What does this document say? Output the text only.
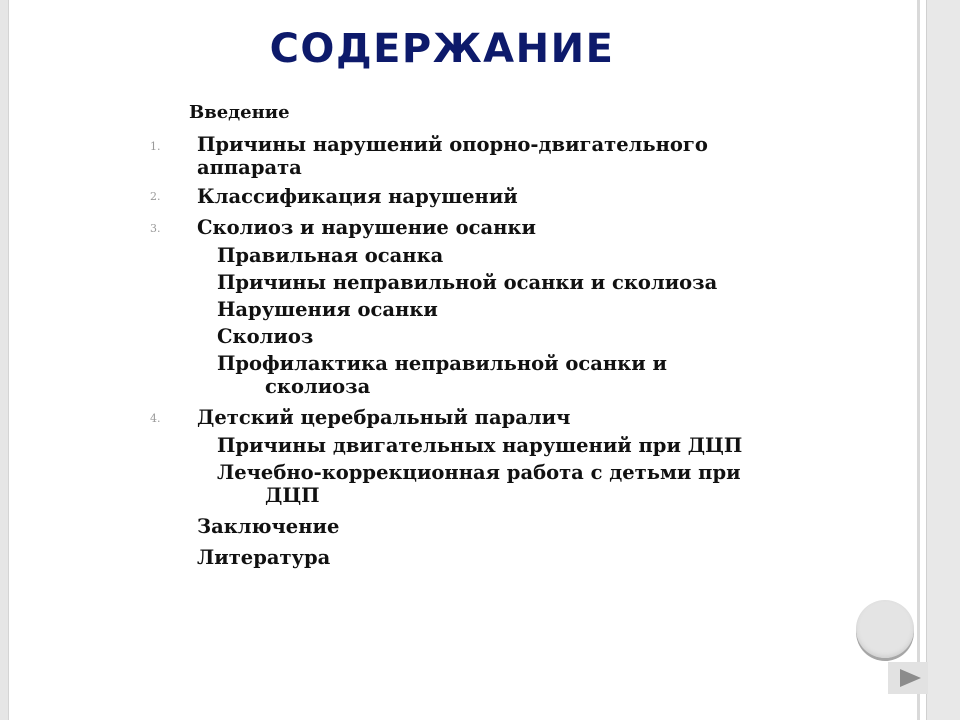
СОДЕРЖАНИЕ

Введение

1. Причины нарушений опорно-двигательного

аппарата

2. Классификация нарушений

3. Сколиоз и нарушение осанки

Правильная осанка

Причины неправильной осанки и сколиоза

Нарушения осанки

Сколиоз

Профилактика неправильной осанки и

сколиоза

4. Детский церебральный паралич

Причины двигательных нарушений при ДЦП

Лечебно-коррекционная работа с детьми при

ДЦП

Заключение

Литература
